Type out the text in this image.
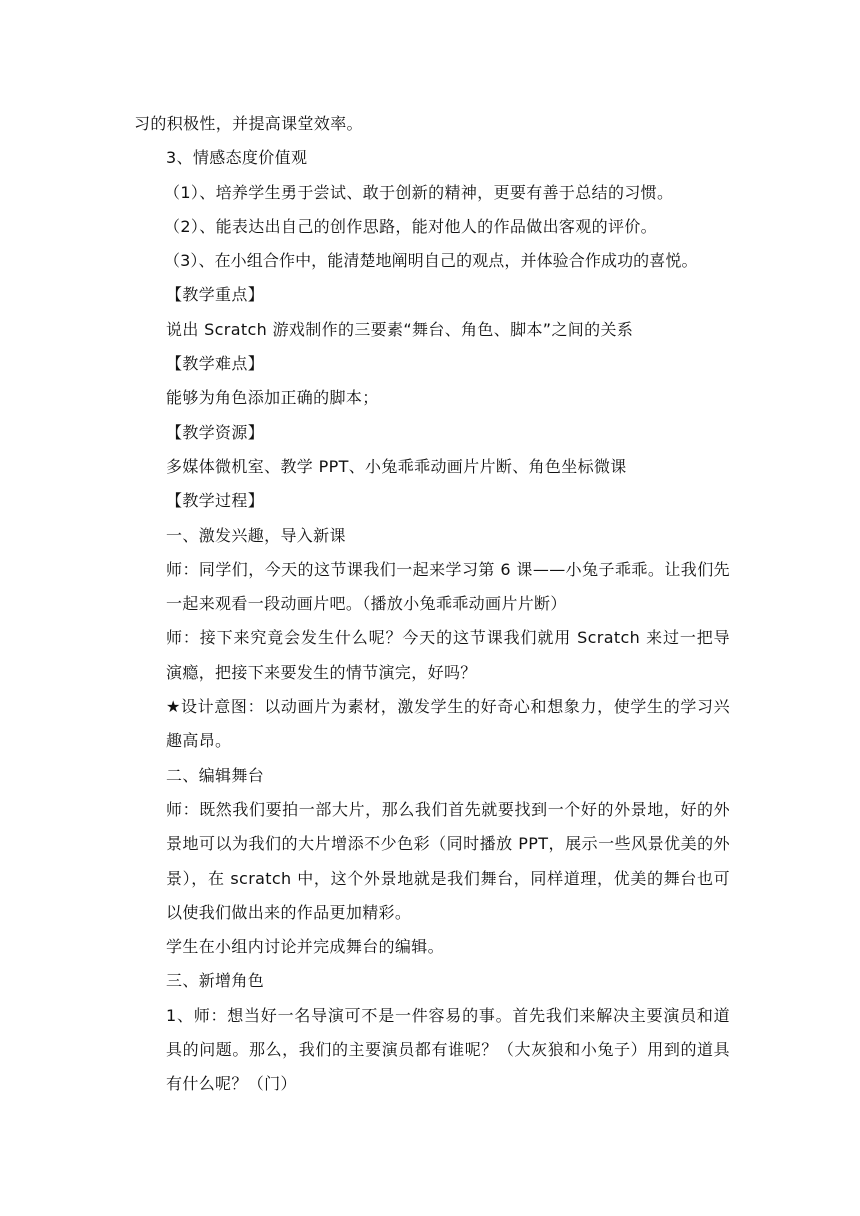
习的积极性，并提高课堂效率。

3、情感态度价值观

（1）、培养学生勇于尝试、敢于创新的精神，更要有善于总结的习惯。

（2）、能表达出自己的创作思路，能对他人的作品做出客观的评价。

（3）、在小组合作中，能清楚地阐明自己的观点，并体验合作成功的喜悦。

【教学重点】

说出 Scratch 游戏制作的三要素“舞台、角色、脚本”之间的关系

【教学难点】

能够为角色添加正确的脚本；

【教学资源】

多媒体微机室、教学 PPT、小兔乖乖动画片片断、角色坐标微课

【教学过程】

一、激发兴趣，导入新课

师：同学们，今天的这节课我们一起来学习第 6 课——小兔子乖乖。让我们先一起来观看一段动画片吧。（播放小兔乖乖动画片片断）

师：接下来究竟会发生什么呢？今天的这节课我们就用 Scratch 来过一把导演瘾，把接下来要发生的情节演完，好吗？

★设计意图：以动画片为素材，激发学生的好奇心和想象力，使学生的学习兴趣高昂。

二、编辑舞台

师：既然我们要拍一部大片，那么我们首先就要找到一个好的外景地，好的外景地可以为我们的大片增添不少色彩（同时播放 PPT，展示一些风景优美的外景），在 scratch 中，这个外景地就是我们舞台，同样道理，优美的舞台也可以使我们做出来的作品更加精彩。

学生在小组内讨论并完成舞台的编辑。

三、新增角色

1、师：想当好一名导演可不是一件容易的事。首先我们来解决主要演员和道具的问题。那么，我们的主要演员都有谁呢？（大灰狼和小兔子）用到的道具有什么呢？（门）
